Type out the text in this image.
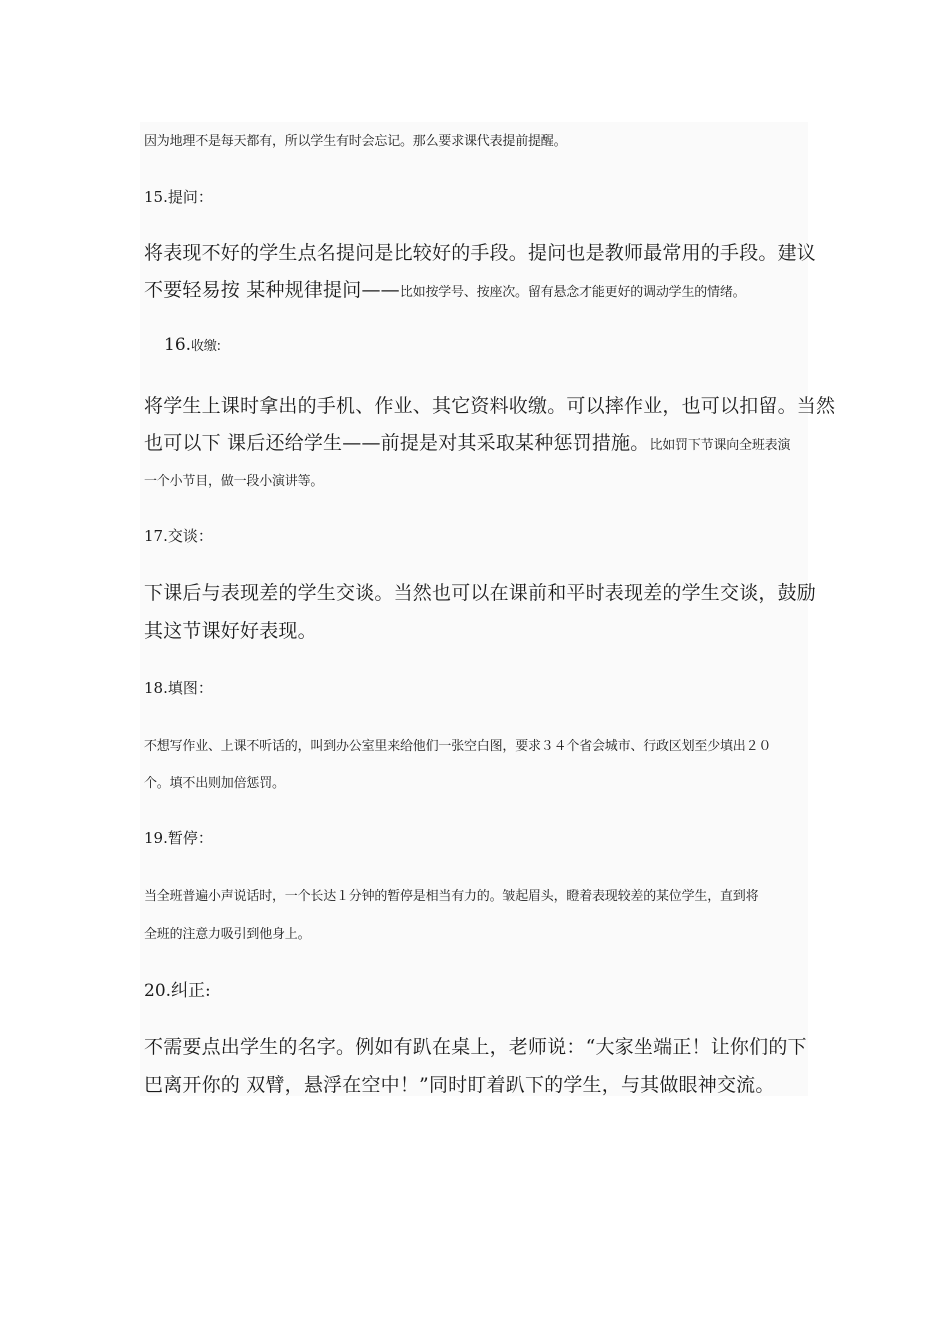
因为地理不是每天都有，所以学生有时会忘记。那么要求课代表提前提醒。
15.提问：
将表现不好的学生点名提问是比较好的手段。提问也是教师最常用的手段。建议
不要轻易按 某种规律提问——比如按学号、按座次。留有悬念才能更好的调动学生的情绪。
16.收缴:
将学生上课时拿出的手机、作业、其它资料收缴。可以摔作业，也可以扣留。当然
也可以下 课后还给学生——前提是对其采取某种惩罚措施。比如罚下节课向全班表演
一个小节目，做一段小演讲等。
17.交谈：
下课后与表现差的学生交谈。当然也可以在课前和平时表现差的学生交谈，鼓励
其这节课好好表现。
18.填图：
不想写作业、上课不听话的，叫到办公室里来给他们一张空白图，要求３４个省会城市、行政区划至少填出２０
个。填不出则加倍惩罚。
19.暂停：
当全班普遍小声说话时，一个长达１分钟的暂停是相当有力的。皱起眉头，瞪着表现较差的某位学生，直到将
全班的注意力吸引到他身上。
20.纠正:
不需要点出学生的名字。例如有趴在桌上，老师说：“大家坐端正！让你们的下
巴离开你的 双臂，悬浮在空中！”同时盯着趴下的学生，与其做眼神交流。
